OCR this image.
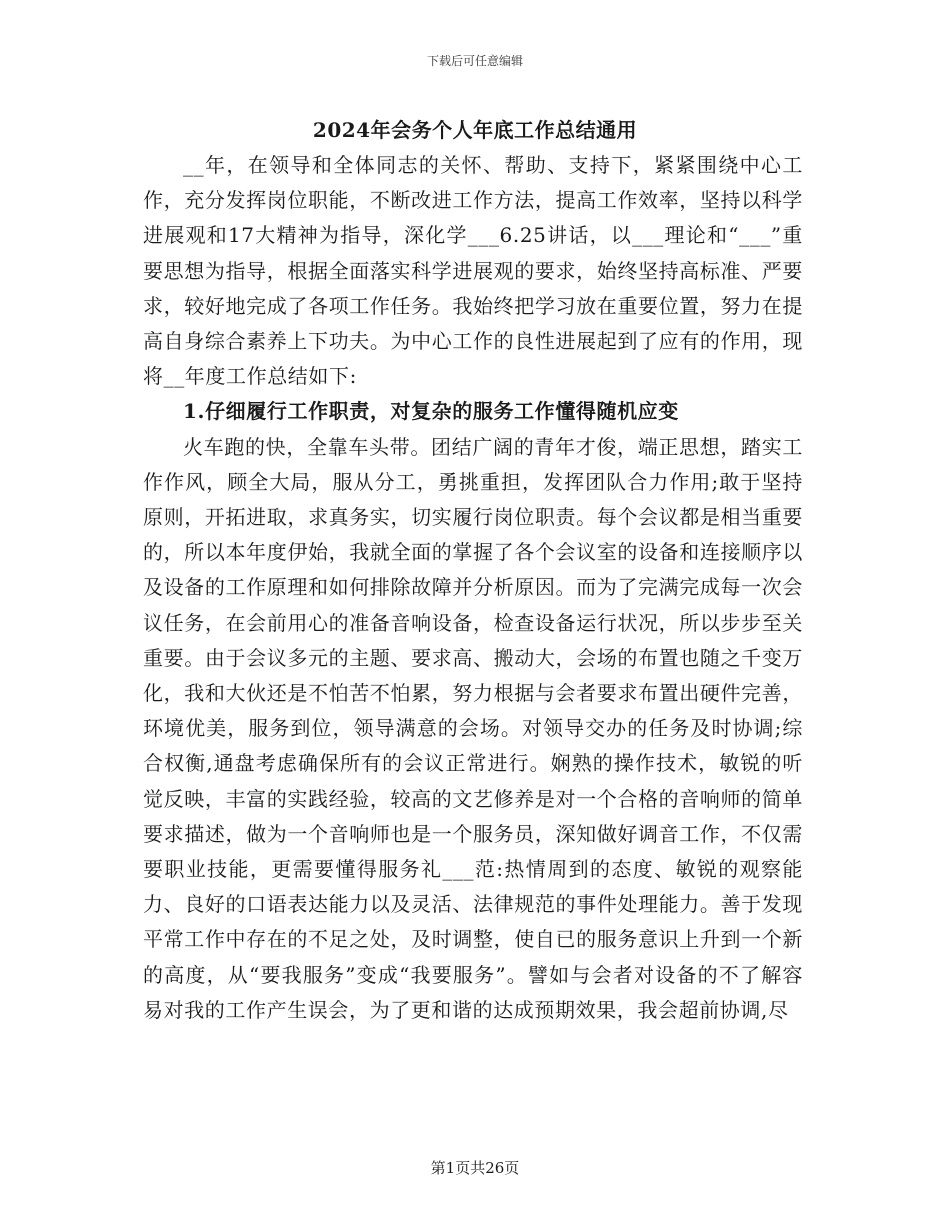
下载后可任意编辑
2024年会务个人年底工作总结通用

__年，在领导和全体同志的关怀、帮助、支持下，紧紧围绕中心工作，充分发挥岗位职能，不断改进工作方法，提高工作效率，坚持以科学进展观和17大精神为指导，深化学___6.25讲话，以___理论和“___”重要思想为指导，根据全面落实科学进展观的要求，始终坚持高标准、严要求，较好地完成了各项工作任务。我始终把学习放在重要位置，努力在提高自身综合素养上下功夫。为中心工作的良性进展起到了应有的作用，现将__年度工作总结如下:

1.仔细履行工作职责，对复杂的服务工作懂得随机应变

火车跑的快，全靠车头带。团结广阔的青年才俊，端正思想，踏实工作作风，顾全大局，服从分工，勇挑重担，发挥团队合力作用;敢于坚持原则，开拓进取，求真务实，切实履行岗位职责。每个会议都是相当重要的，所以本年度伊始，我就全面的掌握了各个会议室的设备和连接顺序以及设备的工作原理和如何排除故障并分析原因。而为了完满完成每一次会议任务，在会前用心的准备音响设备，检查设备运行状况，所以步步至关重要。由于会议多元的主题、要求高、搬动大，会场的布置也随之千变万化，我和大伙还是不怕苦不怕累，努力根据与会者要求布置出硬件完善，环境优美，服务到位，领导满意的会场。对领导交办的任务及时协调;综合权衡,通盘考虑确保所有的会议正常进行。娴熟的操作技术，敏锐的听觉反映，丰富的实践经验，较高的文艺修养是对一个合格的音响师的简单要求描述，做为一个音响师也是一个服务员，深知做好调音工作，不仅需要职业技能，更需要懂得服务礼___范:热情周到的态度、敏锐的观察能力、良好的口语表达能力以及灵活、法律规范的事件处理能力。善于发现平常工作中存在的不足之处，及时调整，使自已的服务意识上升到一个新的高度，从“要我服务”变成“我要服务”。譬如与会者对设备的不了解容易对我的工作产生误会，为了更和谐的达成预期效果，我会超前协调,尽

第1页共26页
